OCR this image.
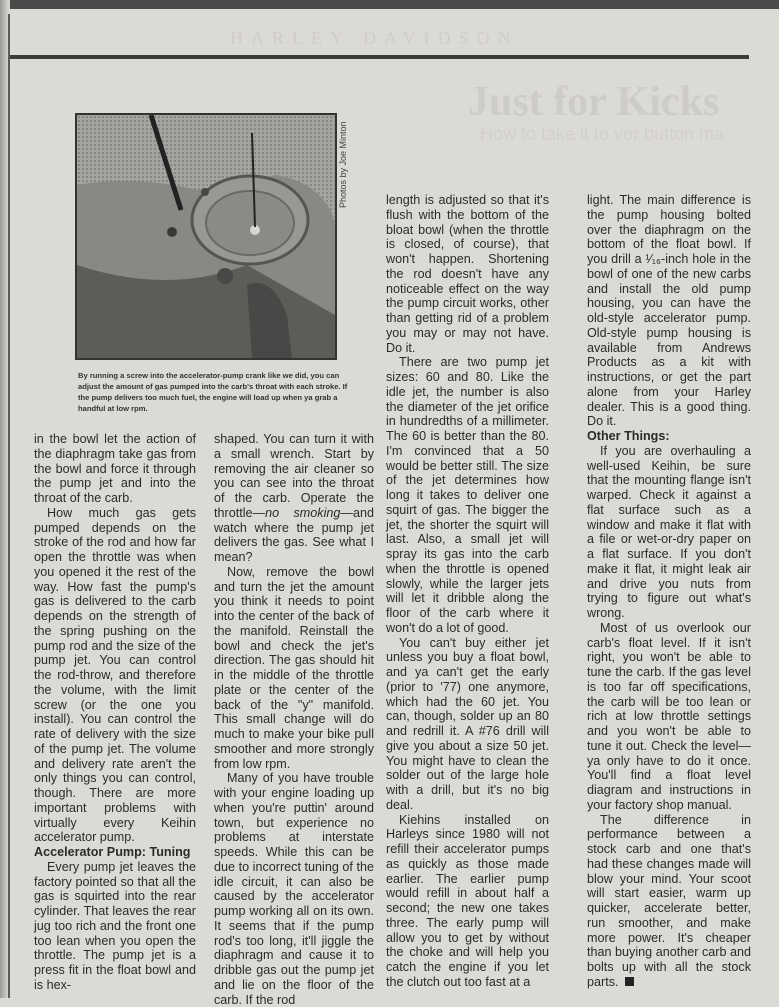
HARLEY-DAVIDSON
Just for Kicks
How to take it to vor button ma
Photos by Joe Minton
By running a screw into the accelerator-pump crank like we did, you can adjust the amount of gas pumped into the carb's throat with each stroke. If the pump delivers too much fuel, the engine will load up when ya grab a handful at low rpm.

in the bowl let the action of the diaphragm take gas from the bowl and force it through the pump jet and into the throat of the carb.

How much gas gets pumped depends on the stroke of the rod and how far open the throttle was when you opened it the rest of the way. How fast the pump's gas is delivered to the carb depends on the strength of the spring pushing on the pump rod and the size of the pump jet. You can control the rod-throw, and therefore the volume, with the limit screw (or the one you install). You can control the rate of delivery with the size of the pump jet. The volume and delivery rate aren't the only things you can control, though. There are more important problems with virtually every Keihin accelerator pump.

Accelerator Pump: Tuning

Every pump jet leaves the factory pointed so that all the gas is squirted into the rear cylinder. That leaves the rear jug too rich and the front one too lean when you open the throttle. The pump jet is a press fit in the float bowl and is hex-

shaped. You can turn it with a small wrench. Start by removing the air cleaner so you can see into the throat of the carb. Operate the throttle—no smoking—and watch where the pump jet delivers the gas. See what I mean?

Now, remove the bowl and turn the jet the amount you think it needs to point into the center of the back of the manifold. Reinstall the bowl and check the jet's direction. The gas should hit in the middle of the throttle plate or the center of the back of the "y" manifold. This small change will do much to make your bike pull smoother and more strongly from low rpm.

Many of you have trouble with your engine loading up when you're puttin' around town, but experience no problems at interstate speeds. While this can be due to incorrect tuning of the idle circuit, it can also be caused by the accelerator pump working all on its own. It seems that if the pump rod's too long, it'll jiggle the diaphragm and cause it to dribble gas out the pump jet and lie on the floor of the carb. If the rod

length is adjusted so that it's flush with the bottom of the bloat bowl (when the throttle is closed, of course), that won't happen. Shortening the rod doesn't have any noticeable effect on the way the pump circuit works, other than getting rid of a problem you may or may not have. Do it.

There are two pump jet sizes: 60 and 80. Like the idle jet, the number is also the diameter of the jet orifice in hundredths of a millimeter. The 60 is better than the 80. I'm convinced that a 50 would be better still. The size of the jet determines how long it takes to deliver one squirt of gas. The bigger the jet, the shorter the squirt will last. Also, a small jet will spray its gas into the carb when the throttle is opened slowly, while the larger jets will let it dribble along the floor of the carb where it won't do a lot of good.

You can't buy either jet unless you buy a float bowl, and ya can't get the early (prior to '77) one anymore, which had the 60 jet. You can, though, solder up an 80 and redrill it. A #76 drill will give you about a size 50 jet. You might have to clean the solder out of the large hole with a drill, but it's no big deal.

Kiehins installed on Harleys since 1980 will not refill their accelerator pumps as quickly as those made earlier. The earlier pump would refill in about half a second; the new one takes three. The early pump will allow you to get by without the choke and will help you catch the engine if you let the clutch out too fast at a

light. The main difference is the pump housing bolted over the diaphragm on the bottom of the float bowl. If you drill a ¹⁄₁₆-inch hole in the bowl of one of the new carbs and install the old pump housing, you can have the old-style accelerator pump. Old-style pump housing is available from Andrews Products as a kit with instructions, or get the part alone from your Harley dealer. This is a good thing. Do it.

Other Things:

If you are overhauling a well-used Keihin, be sure that the mounting flange isn't warped. Check it against a flat surface such as a window and make it flat with a file or wet-or-dry paper on a flat surface. If you don't make it flat, it might leak air and drive you nuts from trying to figure out what's wrong.

Most of us overlook our carb's float level. If it isn't right, you won't be able to tune the carb. If the gas level is too far off specifications, the carb will be too lean or rich at low throttle settings and you won't be able to tune it out. Check the level—ya only have to do it once. You'll find a float level diagram and instructions in your factory shop manual.

The difference in performance between a stock carb and one that's had these changes made will blow your mind. Your scoot will start easier, warm up quicker, accelerate better, run smoother, and make more power. It's cheaper than buying another carb and bolts up with all the stock parts.
